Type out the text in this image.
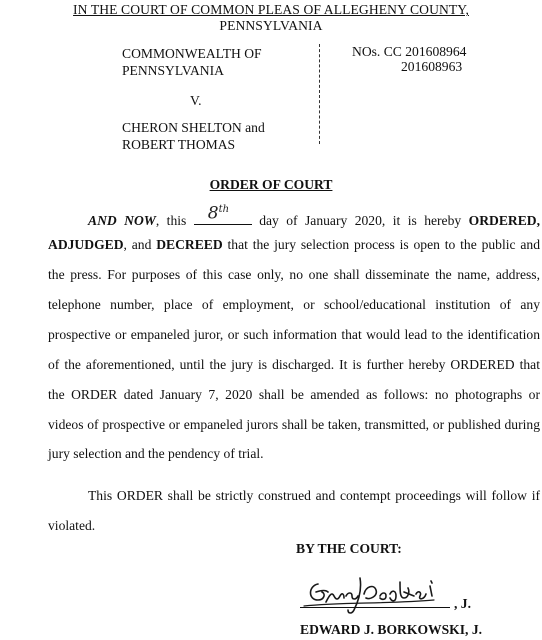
IN THE COURT OF COMMON PLEAS OF ALLEGHENY COUNTY,
PENNSYLVANIA
COMMONWEALTH OF
PENNSYLVANIA
V.
CHERON SHELTON and
ROBERT THOMAS
NOs. CC 201608964
201608963
ORDER OF COURT
AND NOW, this 8th
day of January 2020, it is hereby ORDERED,
ADJUDGED, and DECREED that the jury selection process is open to the public and
the press. For purposes of this case only, no one shall disseminate the name, address,
telephone number, place of employment, or school/educational institution of any
prospective or empaneled juror, or such information that would lead to the identification
of the aforementioned, until the jury is discharged. It is further hereby ORDERED that
the ORDER dated January 7, 2020 shall be amended as follows: no photographs or
videos of prospective or empaneled jurors shall be taken, transmitted, or published during
jury selection and the pendency of trial.
This ORDER shall be strictly construed and contempt proceedings will follow if
violated.
BY THE COURT:
, J.
EDWARD J. BORKOWSKI, J.
